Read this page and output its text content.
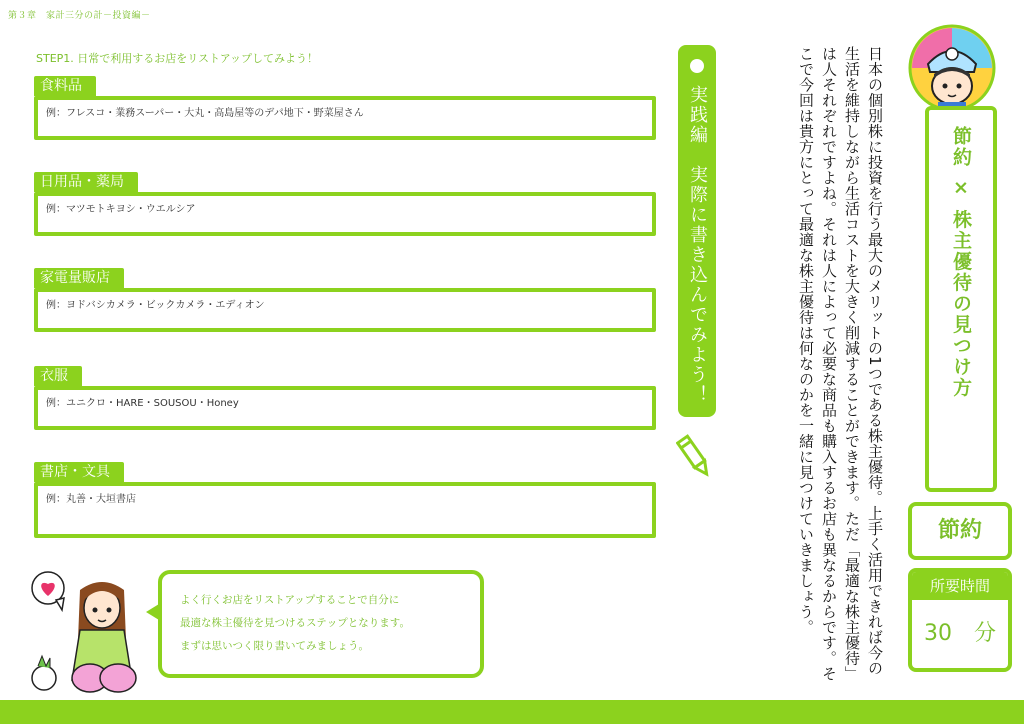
第３章　家計三分の計－投資編－
STEP1. 日常で利用するお店をリストアップしてみよう！
食料品
例：フレスコ・業務スーパー・大丸・高島屋等のデパ地下・野菜屋さん
日用品・薬局
例：マツモトキヨシ・ウエルシア
家電量販店
例：ヨドバシカメラ・ビックカメラ・エディオン
衣服
例：ユニクロ・HARE・SOUSOU・Honey
書店・文具
例：丸善・大垣書店
実践編　実際に書き込んでみよう！	日本の個別株に投資を行う最大のメリットの1つである株主優待。上手く活用できれば今の生活を維持しながら生活コストを大きく削減することができます。ただ「最適な株主優待」は人それぞれですよね。それは人によって必要な商品も購入するお店も異なるからです。そこで今回は貴方にとって最適な株主優待は何なのかを一緒に見つけていきましょう。	節約 × 株主優待の見つけ方
節約
所要時間
30　分
よく行くお店をリストアップすることで自分に
最適な株主優待を見つけるステップとなります。
まずは思いつく限り書いてみましょう。
